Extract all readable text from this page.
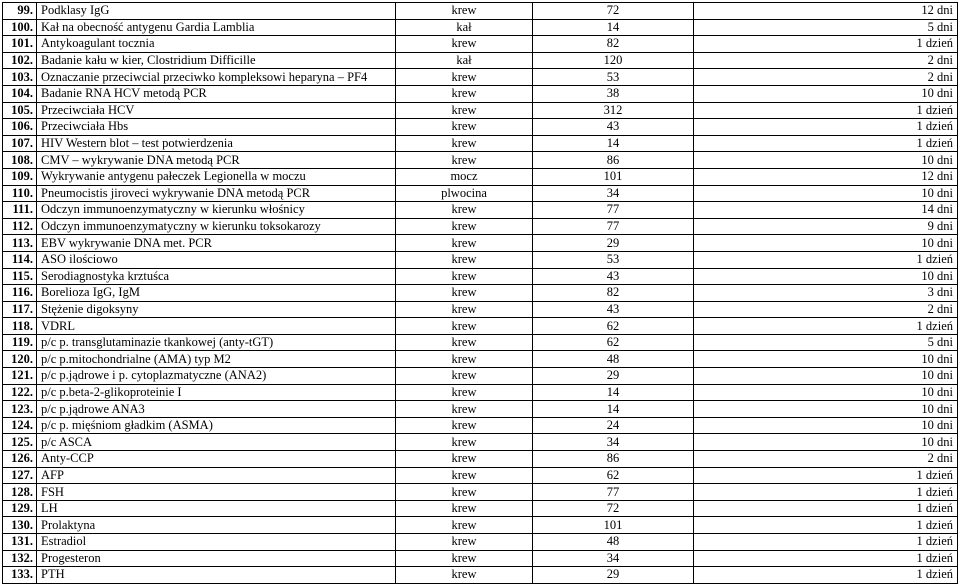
99.	Podklasy IgG	krew	72	12 dni
100.	Kał na obecność antygenu Gardia Lamblia	kał	14	5 dni
101.	Antykoagulant tocznia	krew	82	1 dzień
102.	Badanie kału w kier, Clostridium Difficille	kał	120	2 dni
103.	Oznaczanie przeciwcial przeciwko kompleksowi heparyna – PF4	krew	53	2 dni
104.	Badanie RNA HCV metodą PCR	krew	38	10 dni
105.	Przeciwciała HCV	krew	312	1 dzień
106.	Przeciwciała Hbs	krew	43	1 dzień
107.	HIV Western blot – test potwierdzenia	krew	14	1 dzień
108.	CMV – wykrywanie DNA metodą PCR	krew	86	10 dni
109.	Wykrywanie antygenu pałeczek Legionella w moczu	mocz	101	12 dni
110.	Pneumocistis jiroveci wykrywanie DNA metodą PCR	plwocina	34	10 dni
111.	Odczyn immunoenzymatyczny w kierunku włośnicy	krew	77	14 dni
112.	Odczyn immunoenzymatyczny w kierunku toksokarozy	krew	77	9 dni
113.	EBV wykrywanie DNA met. PCR	krew	29	10 dni
114.	ASO ilościowo	krew	53	1 dzień
115.	Serodiagnostyka krztuśca	krew	43	10 dni
116.	Borelioza IgG, IgM	krew	82	3 dni
117.	Stężenie digoksyny	krew	43	2 dni
118.	VDRL	krew	62	1 dzień
119.	p/c p. transglutaminazie tkankowej (anty-tGT)	krew	62	5 dni
120.	p/c p.mitochondrialne (AMA) typ M2	krew	48	10 dni
121.	p/c p.jądrowe i p. cytoplazmatyczne (ANA2)	krew	29	10 dni
122.	p/c p.beta-2-glikoproteinie I	krew	14	10 dni
123.	p/c p.jądrowe ANA3	krew	14	10 dni
124.	p/c p. mięśniom gładkim (ASMA)	krew	24	10 dni
125.	p/c ASCA	krew	34	10 dni
126.	Anty-CCP	krew	86	2 dni
127.	AFP	krew	62	1 dzień
128.	FSH	krew	77	1 dzień
129.	LH	krew	72	1 dzień
130.	Prolaktyna	krew	101	1 dzień
131.	Estradiol	krew	48	1 dzień
132.	Progesteron	krew	34	1 dzień
133.	PTH	krew	29	1 dzień
